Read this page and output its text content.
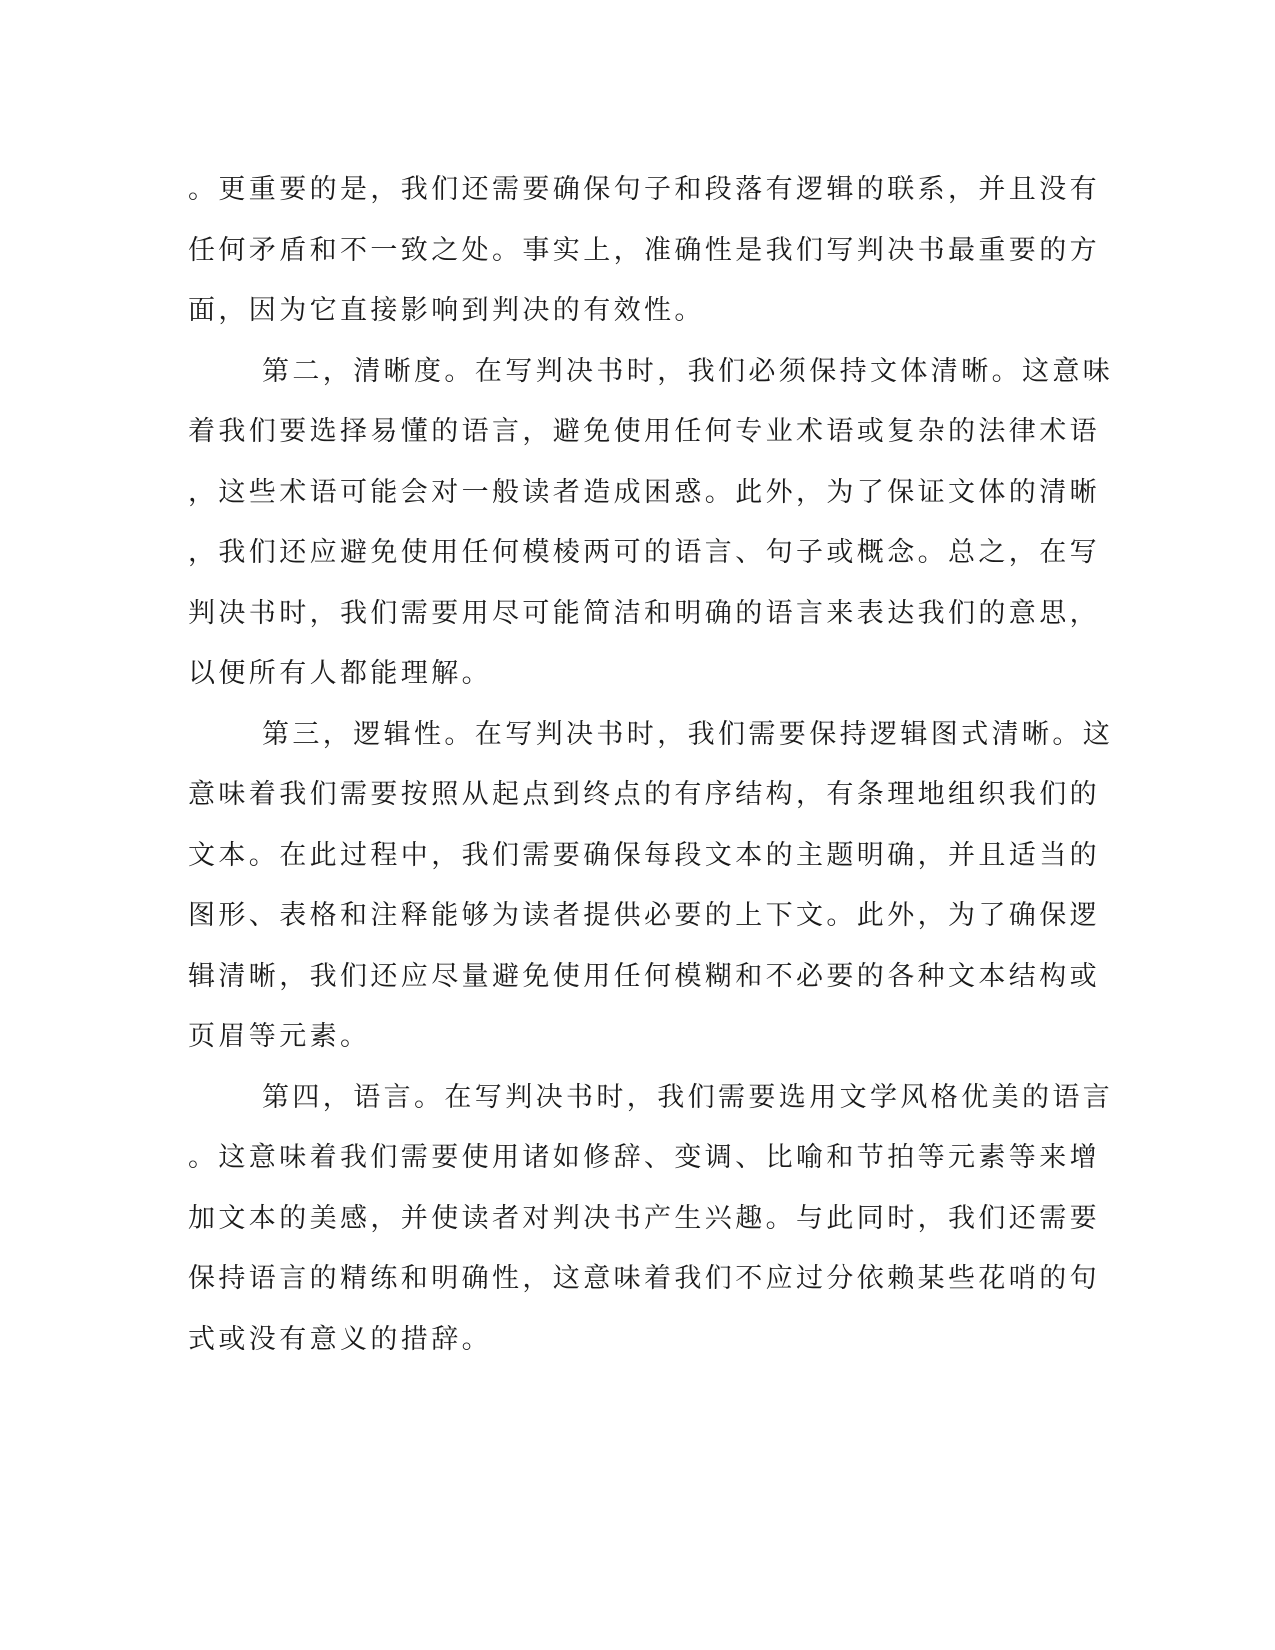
。更重要的是，我们还需要确保句子和段落有逻辑的联系，并且没有
任何矛盾和不一致之处。事实上，准确性是我们写判决书最重要的方
面，因为它直接影响到判决的有效性。
第二，清晰度。在写判决书时，我们必须保持文体清晰。这意味
着我们要选择易懂的语言，避免使用任何专业术语或复杂的法律术语
，这些术语可能会对一般读者造成困惑。此外，为了保证文体的清晰
，我们还应避免使用任何模棱两可的语言、句子或概念。总之，在写
判决书时，我们需要用尽可能简洁和明确的语言来表达我们的意思，
以便所有人都能理解。
第三，逻辑性。在写判决书时，我们需要保持逻辑图式清晰。这
意味着我们需要按照从起点到终点的有序结构，有条理地组织我们的
文本。在此过程中，我们需要确保每段文本的主题明确，并且适当的
图形、表格和注释能够为读者提供必要的上下文。此外，为了确保逻
辑清晰，我们还应尽量避免使用任何模糊和不必要的各种文本结构或
页眉等元素。
第四，语言。在写判决书时，我们需要选用文学风格优美的语言
。这意味着我们需要使用诸如修辞、变调、比喻和节拍等元素等来增
加文本的美感，并使读者对判决书产生兴趣。与此同时，我们还需要
保持语言的精练和明确性，这意味着我们不应过分依赖某些花哨的句
式或没有意义的措辞。
